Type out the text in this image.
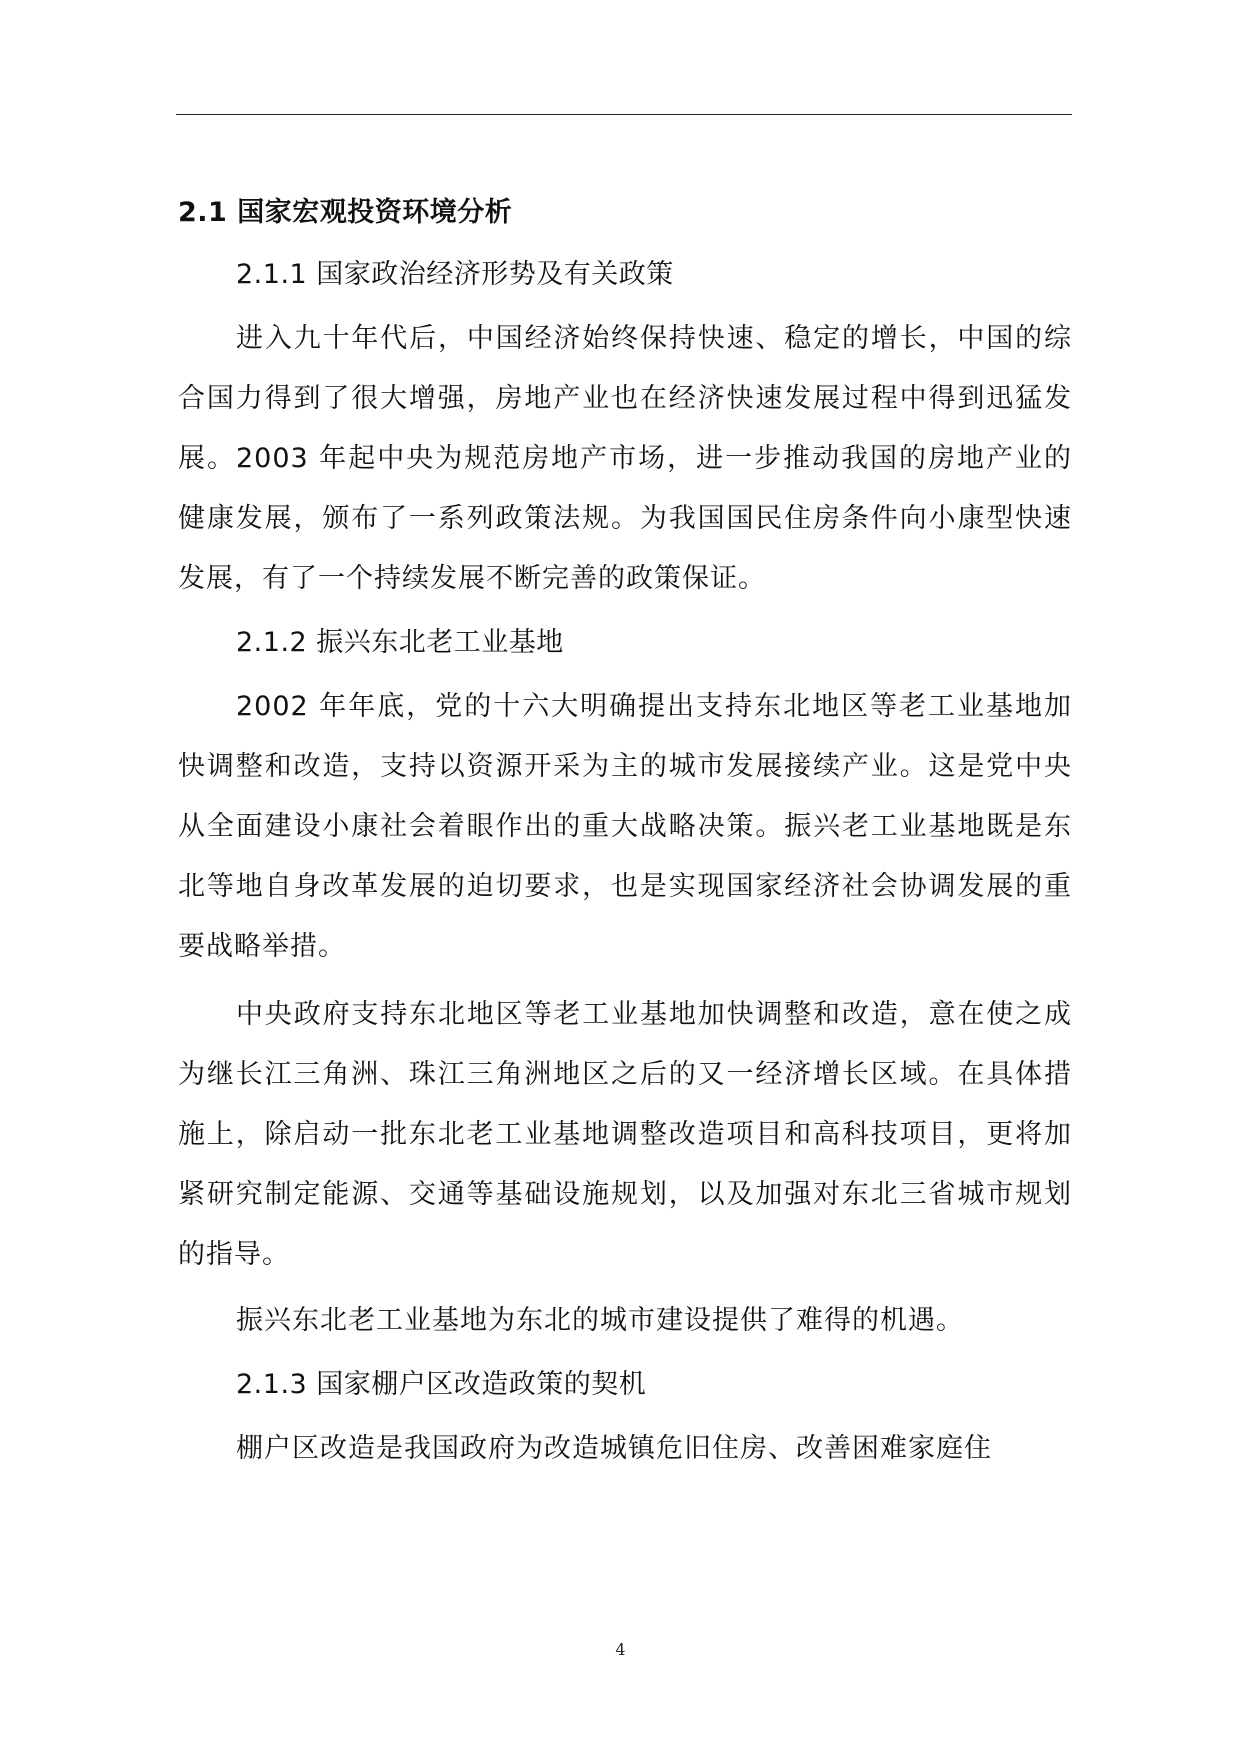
2.1 国家宏观投资环境分析

2.1.1 国家政治经济形势及有关政策

进入九十年代后，中国经济始终保持快速、稳定的增长，中国的综合国力得到了很大增强，房地产业也在经济快速发展过程中得到迅猛发展。2003 年起中央为规范房地产市场，进一步推动我国的房地产业的健康发展，颁布了一系列政策法规。为我国国民住房条件向小康型快速发展，有了一个持续发展不断完善的政策保证。

2.1.2 振兴东北老工业基地

2002 年年底，党的十六大明确提出支持东北地区等老工业基地加快调整和改造，支持以资源开采为主的城市发展接续产业。这是党中央从全面建设小康社会着眼作出的重大战略决策。振兴老工业基地既是东北等地自身改革发展的迫切要求，也是实现国家经济社会协调发展的重要战略举措。

中央政府支持东北地区等老工业基地加快调整和改造，意在使之成为继长江三角洲、珠江三角洲地区之后的又一经济增长区域。在具体措施上，除启动一批东北老工业基地调整改造项目和高科技项目，更将加紧研究制定能源、交通等基础设施规划，以及加强对东北三省城市规划的指导。

振兴东北老工业基地为东北的城市建设提供了难得的机遇。

2.1.3 国家棚户区改造政策的契机

棚户区改造是我国政府为改造城镇危旧住房、改善困难家庭住

4
